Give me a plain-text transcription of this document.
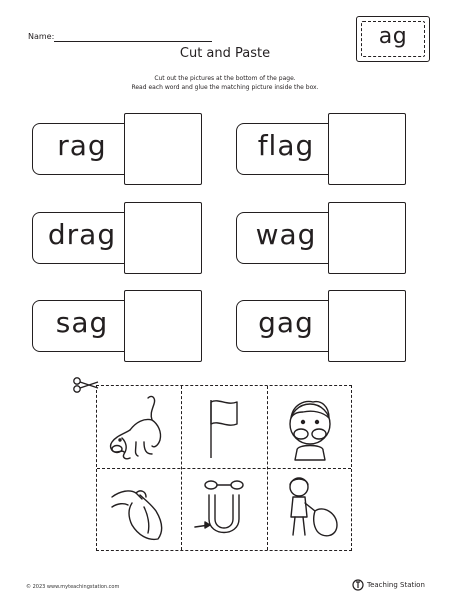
Name:	ag
Cut and Paste
Cut out the pictures at the bottom of the page.
Read each word and glue the matching picture inside the box.
rag	flag
drag	wag
sag	gag
© 2023 www.myteachingstation.com	Teaching Station
